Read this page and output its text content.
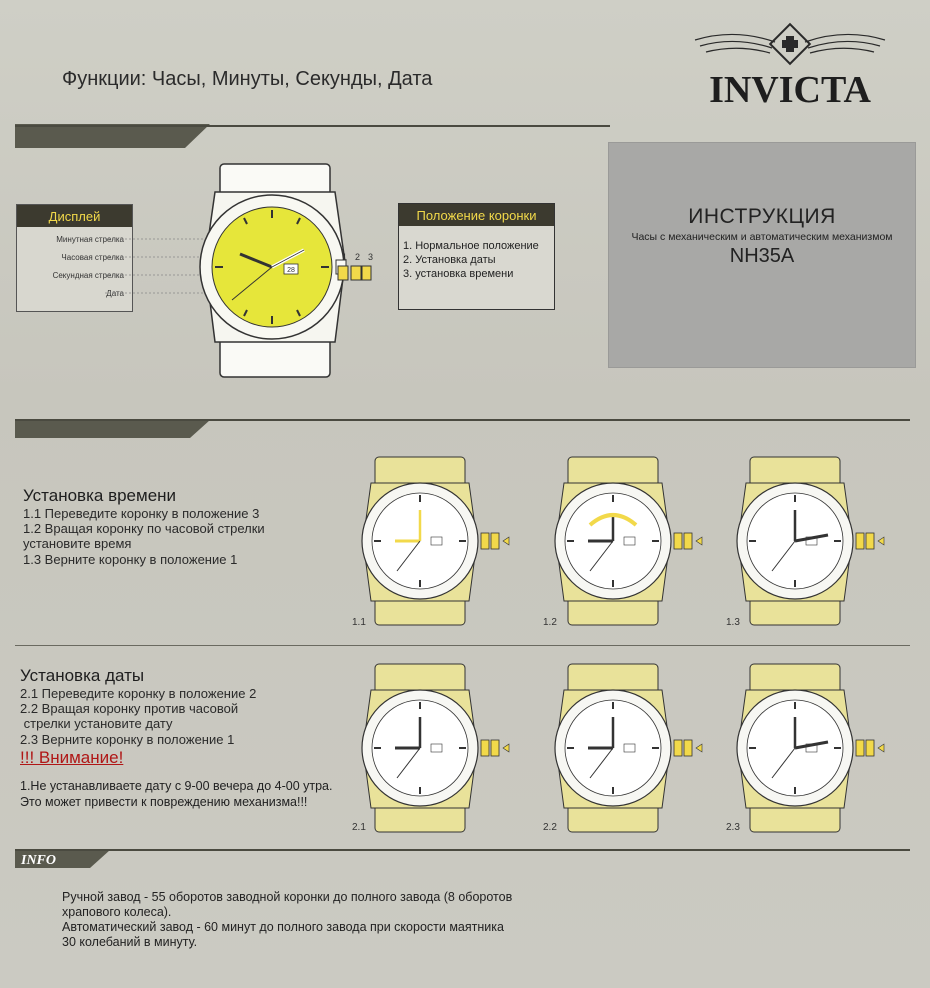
Функции: Часы, Минуты, Секунды, Дата	INVICTA
Дисплей
Минутная стрелка
Часовая стрелка
Секундная стрелка
Дата
28
1 2 3
Положение коронки
1. Нормальное положение
2. Установка даты
3. установка времени
ИНСТРУКЦИЯ
Часы с механическим и автоматическим механизмом
NH35A
Установка времени
1.1 Переведите коронку в положение 3
1.2 Вращая коронку по часовой стрелки
установите время
1.3 Верните коронку в положение 1
Установка даты
2.1 Переведите коронку в положение 2
2.2 Вращая коронку против часовой
стрелки установите дату
2.3 Верните коронку в положение 1
!!! Внимание!
1.Не устанавливаете дату с 9-00 вечера до 4-00 утра.
Это может привести к повреждению механизма!!!
INFO
Ручной завод - 55 оборотов заводной коронки до полного завода (8 оборотов
храпового колеса).
Автоматический завод - 60 минут до полного завода при скорости маятника
30 колебаний в минуту.
1.1	1.2	1.3
2.1	2.2	2.3
